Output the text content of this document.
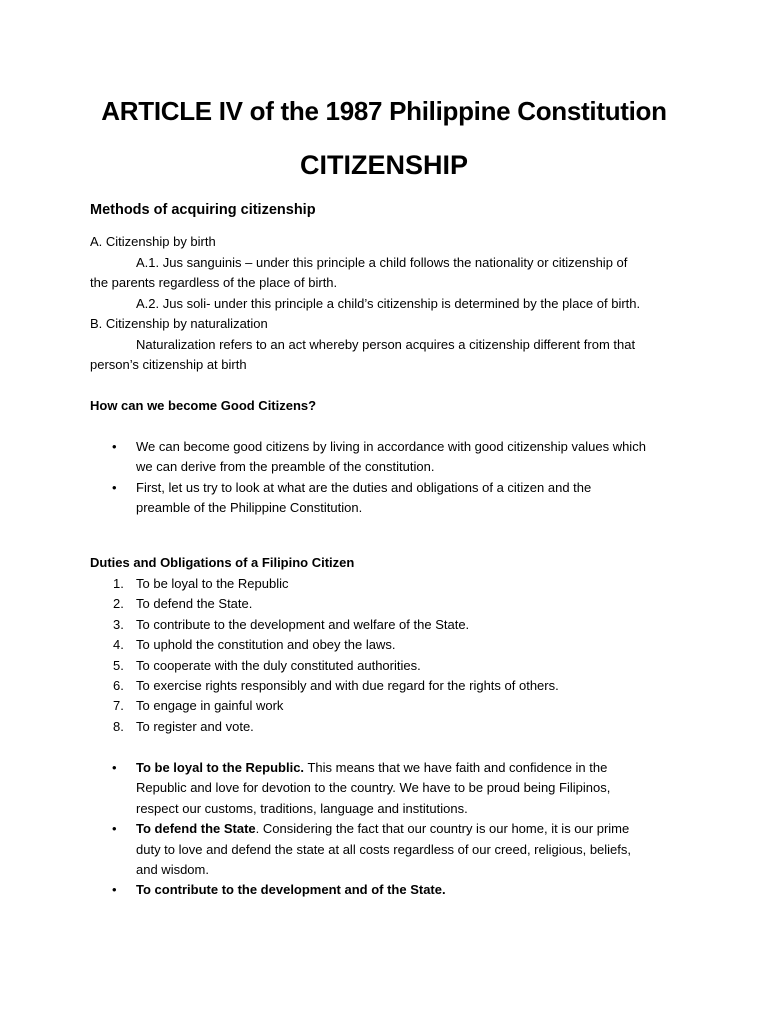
ARTICLE IV of the 1987 Philippine Constitution
CITIZENSHIP
Methods of acquiring citizenship
A. Citizenship by birth
A.1. Jus sanguinis – under this principle a child follows the nationality or citizenship of
the parents regardless of the place of birth.
A.2. Jus soli- under this principle a child’s citizenship is determined by the place of birth.
B. Citizenship by naturalization
Naturalization refers to an act whereby person acquires a citizenship different from that
person’s citizenship at birth
How can we become Good Citizens?
• We can become good citizens by living in accordance with good citizenship values which
we can derive from the preamble of the constitution.
• First, let us try to look at what are the duties and obligations of a citizen and the
preamble of the Philippine Constitution.
Duties and Obligations of a Filipino Citizen
1. To be loyal to the Republic
2. To defend the State.
3. To contribute to the development and welfare of the State.
4. To uphold the constitution and obey the laws.
5. To cooperate with the duly constituted authorities.
6. To exercise rights responsibly and with due regard for the rights of others.
7. To engage in gainful work
8. To register and vote.
• To be loyal to the Republic. This means that we have faith and confidence in the
Republic and love for devotion to the country. We have to be proud being Filipinos,
respect our customs, traditions, language and institutions.
• To defend the State. Considering the fact that our country is our home, it is our prime
duty to love and defend the state at all costs regardless of our creed, religious, beliefs,
and wisdom.
• To contribute to the development and of the State.
